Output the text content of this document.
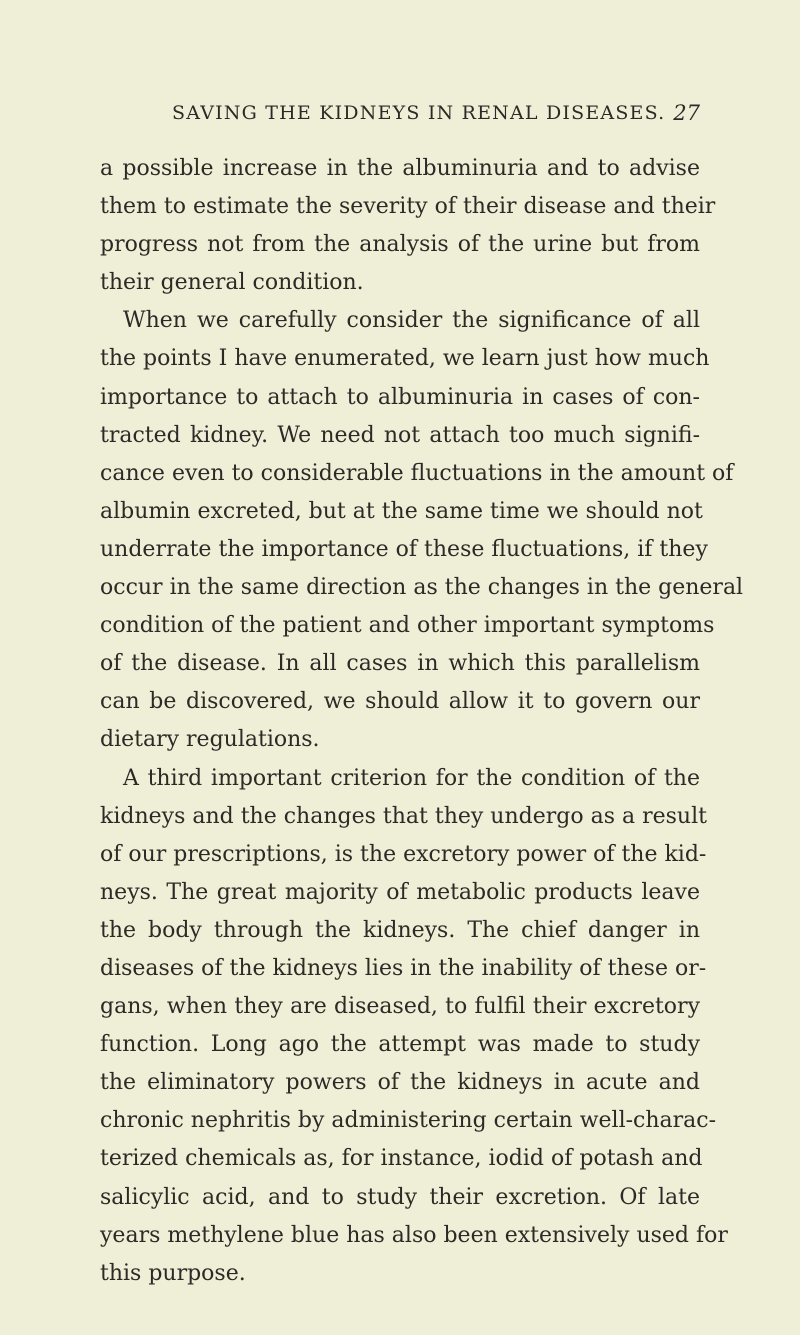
SAVING THE KIDNEYS IN RENAL DISEASES. 27
a possible increase in the albuminuria and to advise
them to estimate the severity of their disease and their
progress not from the analysis of the urine but from
their general condition.
When we carefully consider the significance of all
the points I have enumerated, we learn just how much
importance to attach to albuminuria in cases of con-
tracted kidney. We need not attach too much signifi-
cance even to considerable fluctuations in the amount of
albumin excreted, but at the same time we should not
underrate the importance of these fluctuations, if they
occur in the same direction as the changes in the general
condition of the patient and other important symptoms
of the disease. In all cases in which this parallelism
can be discovered, we should allow it to govern our
dietary regulations.
A third important criterion for the condition of the
kidneys and the changes that they undergo as a result
of our prescriptions, is the excretory power of the kid-
neys. The great majority of metabolic products leave
the body through the kidneys. The chief danger in
diseases of the kidneys lies in the inability of these or-
gans, when they are diseased, to fulfil their excretory
function. Long ago the attempt was made to study
the eliminatory powers of the kidneys in acute and
chronic nephritis by administering certain well-charac-
terized chemicals as, for instance, iodid of potash and
salicylic acid, and to study their excretion. Of late
years methylene blue has also been extensively used for
this purpose.
